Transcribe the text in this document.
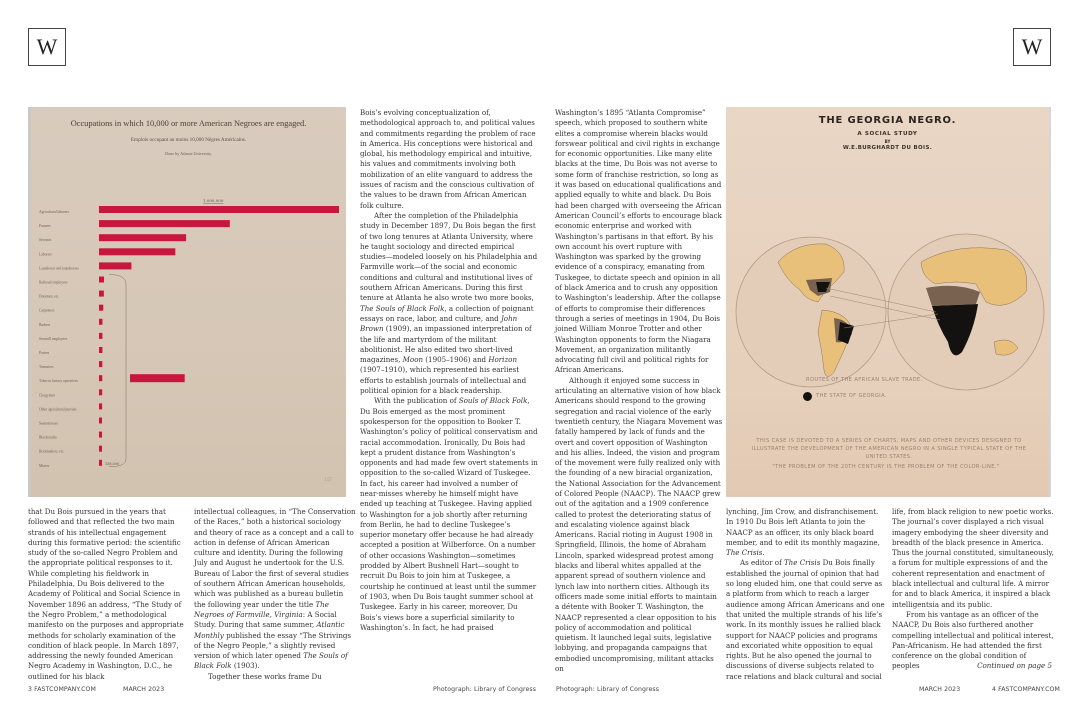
W	W
Occupations in which 10,000 or more American Negroes are engaged.
Emplois occupant au moins 10,000 Nègres Américains.
Done by Atlanta University.
Agricultural laborers
Farmers
Servants
Laborers
Launderers and laundresses
Railroad employees
Draymen, etc.
Carpenters
Barbers
Sawmill employees
Porters
Teamsters
Tobacco factory operatives
Clergymen
Other agricultural pursuits
Seamstresses
Blacksmiths
Brickmakers, etc.
Miners
1,000,000
158,000
157

Bois’s evolving conceptualization of, methodological approach to, and political values and commitments regarding the problem of race in America. His conceptions were historical and global, his methodology empirical and intuitive, his values and commitments involving both mobilization of an elite vanguard to address the issues of racism and the conscious cultivation of the values to be drawn from African American folk culture.

After the completion of the Philadelphia study in December 1897, Du Bois began the first of two long tenures at Atlanta University, where he taught sociology and directed empirical studies—modeled loosely on his Philadelphia and Farmville work—of the social and economic conditions and cultural and institutional lives of southern African Americans. During this first tenure at Atlanta he also wrote two more books, The Souls of Black Folk, a collection of poignant essays on race, labor, and culture, and John Brown (1909), an impassioned interpretation of the life and martyrdom of the militant abolitionist. He also edited two short-lived magazines, Moon (1905–1906) and Horizon (1907–1910), which represented his earliest efforts to establish journals of intellectual and political opinion for a black readership.

With the publication of Souls of Black Folk, Du Bois emerged as the most prominent spokesperson for the opposition to Booker T. Washington’s policy of political conservatism and racial accommodation. Ironically, Du Bois had kept a prudent distance from Washington’s opponents and had made few overt statements in opposition to the so-called Wizard of Tuskegee. In fact, his career had involved a number of near-misses whereby he himself might have ended up teaching at Tuskegee. Having applied to Washington for a job shortly after returning from Berlin, he had to decline Tuskegee’s superior monetary offer because he had already accepted a position at Wilberforce. On a number of other occasions Washington—sometimes prodded by Albert Bushnell Hart—sought to recruit Du Bois to join him at Tuskegee, a courtship he continued at least until the summer of 1903, when Du Bois taught summer school at Tuskegee. Early in his career, moreover, Du Bois’s views bore a superficial similarity to Washington’s. In fact, he had praised

Washington’s 1895 “Atlanta Compromise” speech, which proposed to southern white elites a compromise wherein blacks would forswear political and civil rights in exchange for economic opportunities. Like many elite blacks at the time, Du Bois was not averse to some form of franchise restriction, so long as it was based on educational qualifications and applied equally to white and black. Du Bois had been charged with overseeing the African American Council’s efforts to encourage black economic enterprise and worked with Washington’s partisans in that effort. By his own account his overt rupture with Washington was sparked by the growing evidence of a conspiracy, emanating from Tuskegee, to dictate speech and opinion in all of black America and to crush any opposition to Washington’s leadership. After the collapse of efforts to compromise their differences through a series of meetings in 1904, Du Bois joined William Monroe Trotter and other Washington opponents to form the Niagara Movement, an organization militantly advocating full civil and political rights for African Americans.

Although it enjoyed some success in articulating an alternative vision of how black Americans should respond to the growing segregation and racial violence of the early twentieth century, the Niagara Movement was fatally hampered by lack of funds and the overt and covert opposition of Washington and his allies. Indeed, the vision and program of the movement were fully realized only with the founding of a new biracial organization, the National Association for the Advancement of Colored People (NAACP). The NAACP grew out of the agitation and a 1909 conference called to protest the deteriorating status of and escalating violence against black Americans. Racial rioting in August 1908 in Springfield, Illinois, the home of Abraham Lincoln, sparked widespread protest among blacks and liberal whites appalled at the apparent spread of southern violence and lynch law into northern cities. Although its officers made some initial efforts to maintain a détente with Booker T. Washington, the NAACP represented a clear opposition to his policy of accommodation and political quietism. It launched legal suits, legislative lobbying, and propaganda campaigns that embodied uncompromising, militant attacks on

that Du Bois pursued in the years that followed and that reflected the two main strands of his intellectual engagement during this formative period: the scientific study of the so-called Negro Problem and the appropriate political responses to it. While completing his fieldwork in Philadelphia, Du Bois delivered to the Academy of Political and Social Science in November 1896 an address, “The Study of the Negro Problem,” a methodological manifesto on the purposes and appropriate methods for scholarly examination of the condition of black people. In March 1897, addressing the newly founded American Negro Academy in Washington, D.C., he outlined for his black

intellectual colleagues, in “The Conservation of the Races,” both a historical sociology and theory of race as a concept and a call to action in defense of African American culture and identity. During the following July and August he undertook for the U.S. Bureau of Labor the first of several studies of southern African American households, which was published as a bureau bulletin the following year under the title The Negroes of Farmville, Virginia: A Social Study. During that same summer, Atlantic Monthly published the essay “The Strivings of the Negro People,” a slightly revised version of which later opened The Souls of Black Folk (1903).

Together these works frame Du

lynching, Jim Crow, and disfranchisement. In 1910 Du Bois left Atlanta to join the NAACP as an officer, its only black board member, and to edit its monthly magazine, The Crisis.

As editor of The Crisis Du Bois finally established the journal of opinion that had so long eluded him, one that could serve as a platform from which to reach a larger audience among African Americans and one that united the multiple strands of his life’s work. In its monthly issues he rallied black support for NAACP policies and programs and excoriated white opposition to equal rights. But he also opened the journal to discussions of diverse subjects related to race relations and black cultural and social

life, from black religion to new poetic works. The journal’s cover displayed a rich visual imagery embodying the sheer diversity and breadth of the black presence in America. Thus the journal constituted, simultaneously, a forum for multiple expressions of and the coherent representation and enactment of black intellectual and cultural life. A mirror for and to black America, it inspired a black intelligentsia and its public.

From his vantage as an officer of the NAACP, Du Bois also furthered another compelling intellectual and political interest, Pan-Africanism. He had attended the first conference on the global condition of peoples	Continued on page 5
THE GEORGIA NEGRO.
A SOCIAL STUDY
BY
W.E.BURGHARDT DU BOIS.
ROUTES OF THE AFRICAN SLAVE TRADE.
THE STATE OF GEORGIA.
THIS CASE IS DEVOTED TO A SERIES OF CHARTS, MAPS AND OTHER DEVICES DESIGNED TO ILLUSTRATE THE DEVELOPMENT OF THE AMERICAN NEGRO IN A SINGLE TYPICAL STATE OF THE UNITED STATES.
"THE PROBLEM OF THE 20TH CENTURY IS THE PROBLEM OF THE COLOR-LINE."
3 FASTCOMPANY.COM	MARCH 2023	Photograph: Library of Congress	Photograph: Library of Congress	MARCH 2023	4 FASTCOMPANY.COM
